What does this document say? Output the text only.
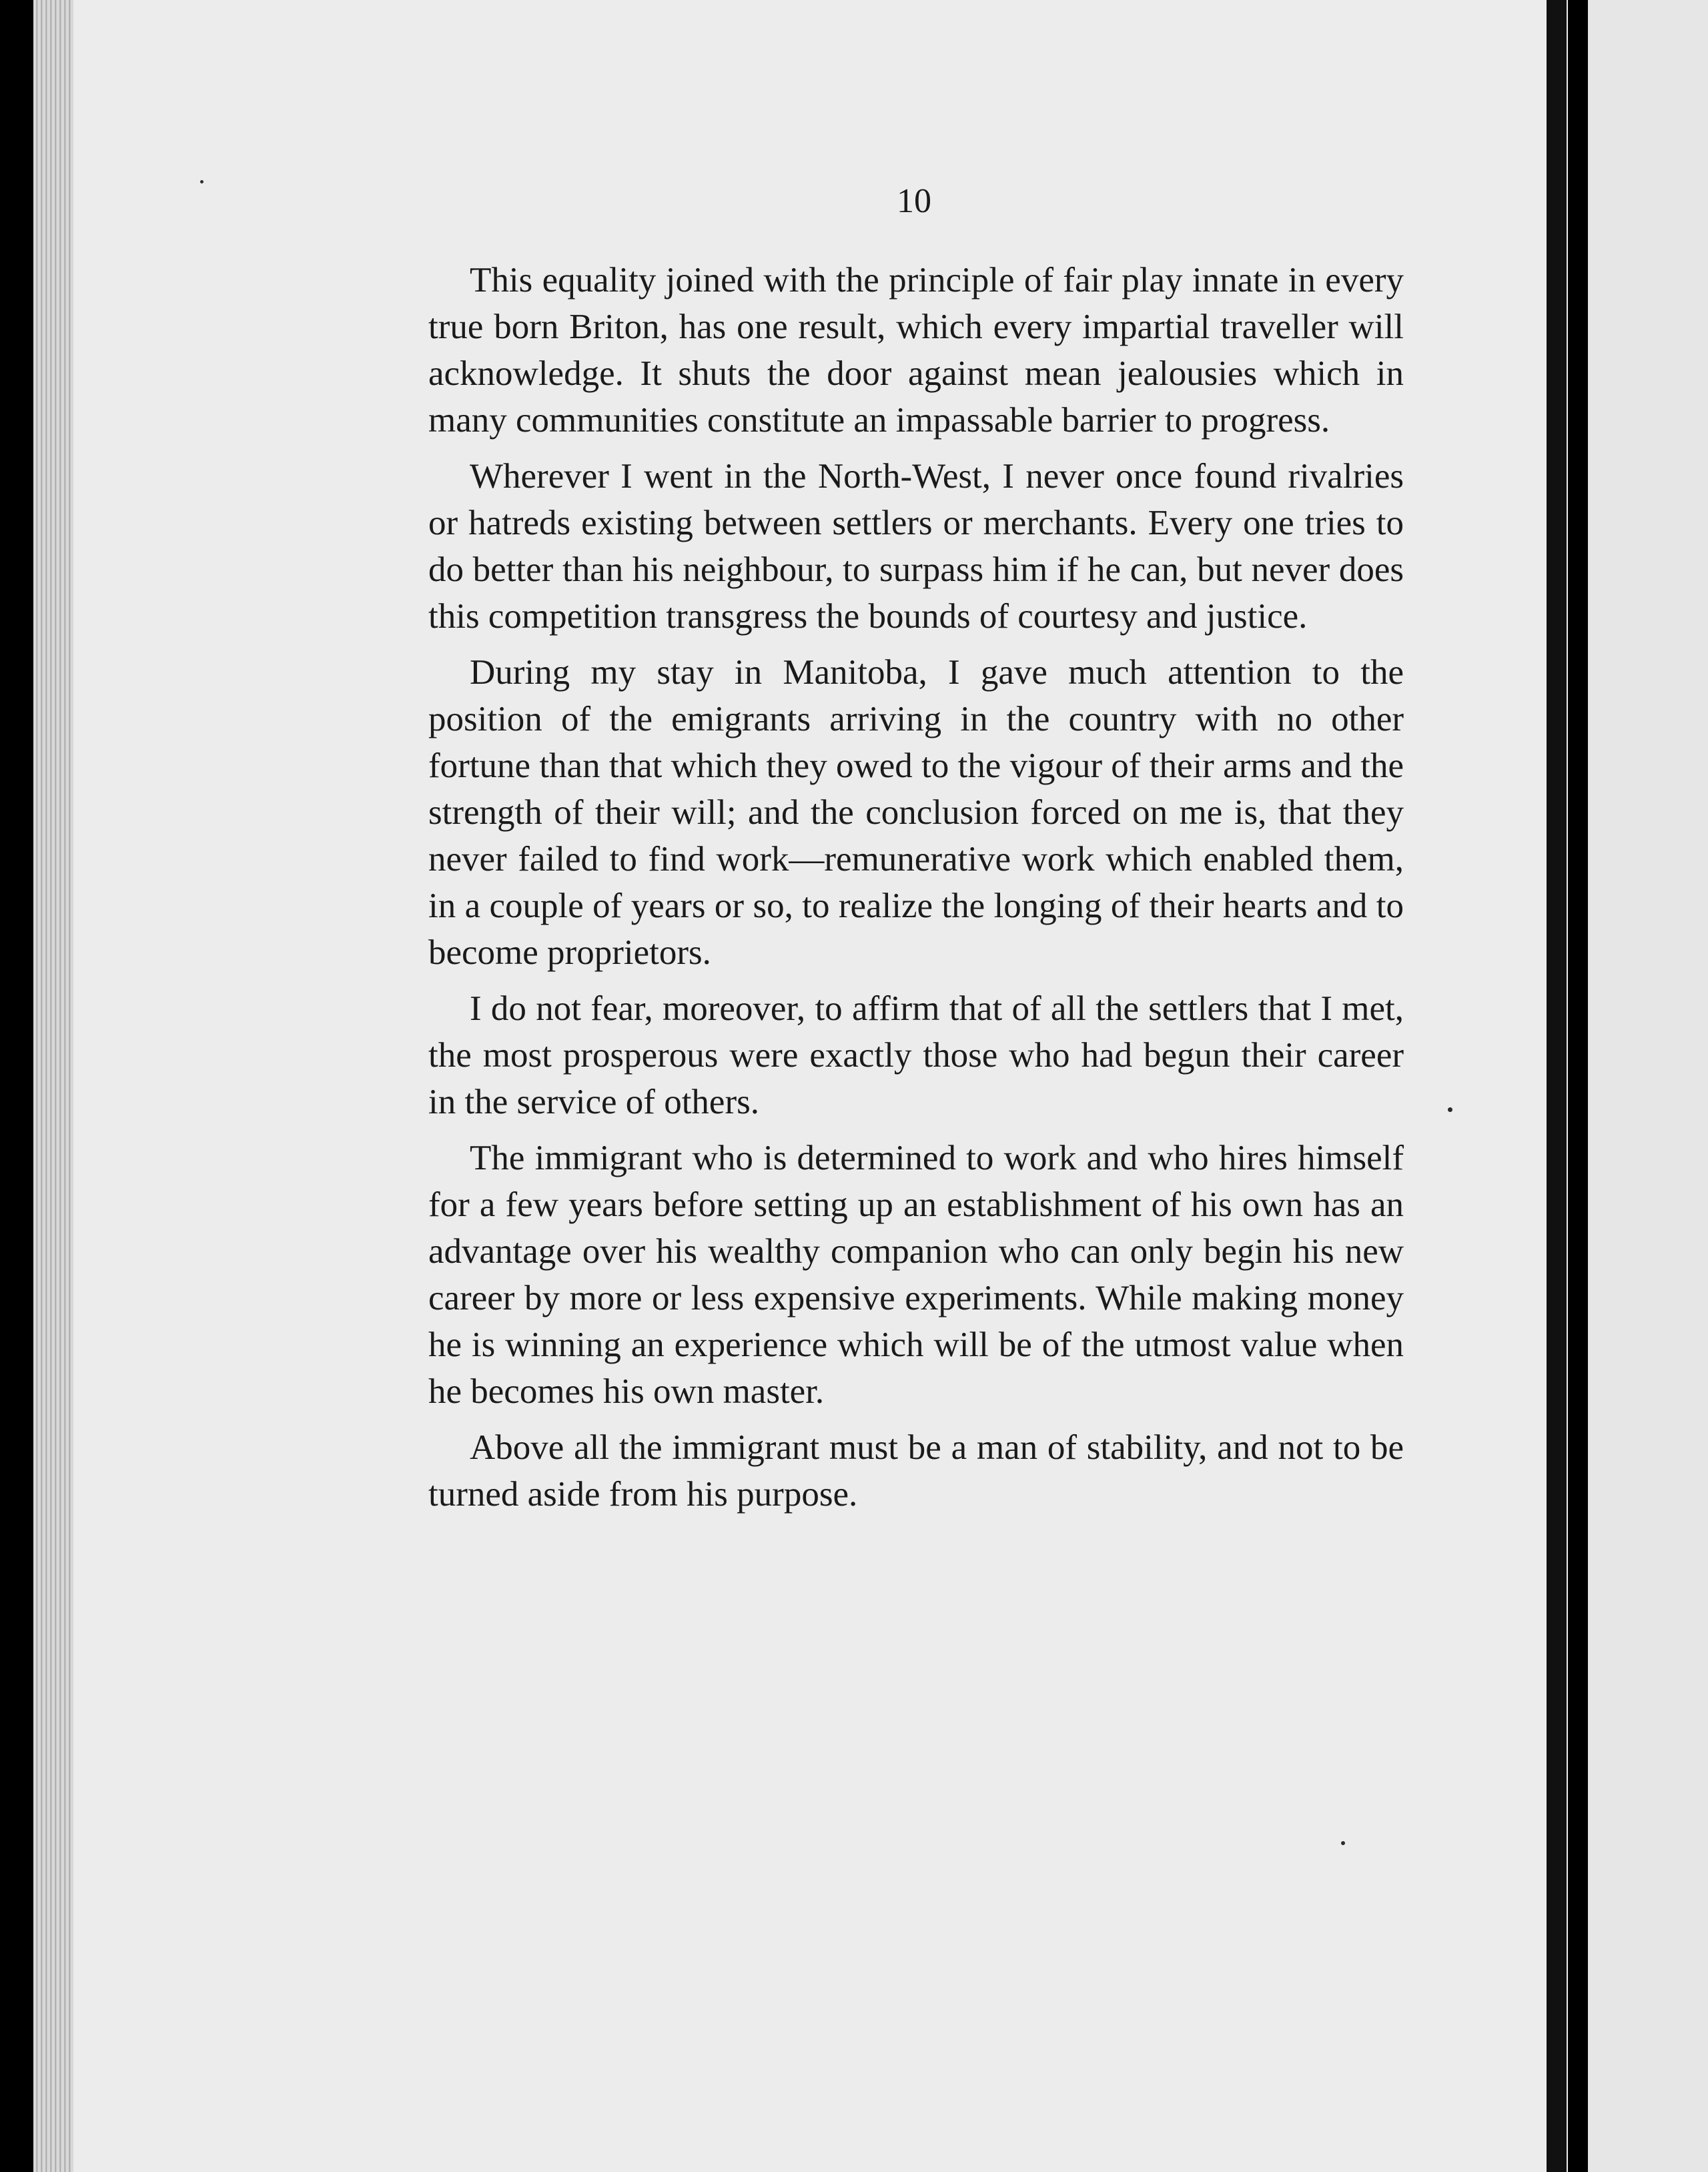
10

This equality joined with the principle of fair play innate in every true born Briton, has one result, which every impartial traveller will acknowledge. It shuts the door against mean jealousies which in many communities constitute an impassable barrier to progress.

Wherever I went in the North-West, I never once found rivalries or hatreds existing between settlers or merchants. Every one tries to do better than his neighbour, to surpass him if he can, but never does this competition transgress the bounds of courtesy and justice.

During my stay in Manitoba, I gave much attention to the position of the emigrants arriving in the country with no other fortune than that which they owed to the vigour of their arms and the strength of their will; and the conclusion forced on me is, that they never failed to find work—remunerative work which enabled them, in a couple of years or so, to realize the longing of their hearts and to become proprietors.

I do not fear, moreover, to affirm that of all the settlers that I met, the most prosperous were exactly those who had begun their career in the service of others.

The immigrant who is determined to work and who hires himself for a few years before setting up an establishment of his own has an advantage over his wealthy companion who can only begin his new career by more or less expensive experiments. While making money he is winning an experience which will be of the utmost value when he becomes his own master.

Above all the immigrant must be a man of stability, and not to be turned aside from his purpose.
